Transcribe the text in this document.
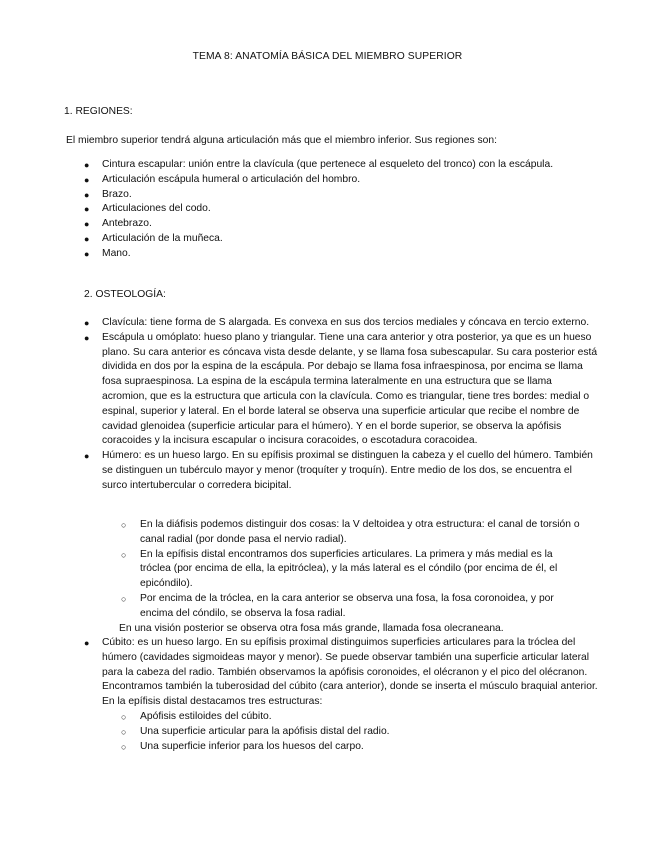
TEMA 8: ANATOMÍA BÁSICA DEL MIEMBRO SUPERIOR
1. REGIONES:
El miembro superior tendrá alguna articulación más que el miembro inferior. Sus regiones son:
● Cintura escapular: unión entre la clavícula (que pertenece al esqueleto del tronco) con la escápula.
● Articulación escápula humeral o articulación del hombro.
● Brazo.
● Articulaciones del codo.
● Antebrazo.
● Articulación de la muñeca.
● Mano.
2. OSTEOLOGÍA:
● Clavícula: tiene forma de S alargada. Es convexa en sus dos tercios mediales y cóncava en tercio externo.
● Escápula u omóplato: hueso plano y triangular. Tiene una cara anterior y otra posterior, ya que es un hueso plano. Su cara anterior es cóncava vista desde delante, y se llama fosa subescapular. Su cara posterior está dividida en dos por la espina de la escápula. Por debajo se llama fosa infraespinosa, por encima se llama fosa supraespinosa. La espina de la escápula termina lateralmente en una estructura que se llama acromion, que es la estructura que articula con la clavícula. Como es triangular, tiene tres bordes: medial o espinal, superior y lateral. En el borde lateral se observa una superficie articular que recibe el nombre de cavidad glenoidea (superficie articular para el húmero). Y en el borde superior, se observa la apófisis coracoides y la incisura escapular o incisura coracoides, o escotadura coracoidea.
● Húmero: es un hueso largo. En su epífisis proximal se distinguen la cabeza y el cuello del húmero. También se distinguen un tubérculo mayor y menor (troquíter y troquín). Entre medio de los dos, se encuentra el surco intertubercular o corredera bicipital.
○ En la diáfisis podemos distinguir dos cosas: la V deltoidea y otra estructura: el canal de torsión o canal radial (por donde pasa el nervio radial).
○ En la epífisis distal encontramos dos superficies articulares. La primera y más medial es la tróclea (por encima de ella, la epitróclea), y la más lateral es el cóndilo (por encima de él, el epicóndilo).
○ Por encima de la tróclea, en la cara anterior se observa una fosa, la fosa coronoidea, y por encima del cóndilo, se observa la fosa radial.
En una visión posterior se observa otra fosa más grande, llamada fosa olecraneana.
● Cúbito: es un hueso largo. En su epífisis proximal distinguimos superficies articulares para la tróclea del húmero (cavidades sigmoideas mayor y menor). Se puede observar también una superficie articular lateral para la cabeza del radio. También observamos la apófisis coronoides, el olécranon y el pico del olécranon. Encontramos también la tuberosidad del cúbito (cara anterior), donde se inserta el músculo braquial anterior. En la epífisis distal destacamos tres estructuras:
○ Apófisis estiloides del cúbito.
○ Una superficie articular para la apófisis distal del radio.
○ Una superficie inferior para los huesos del carpo.
